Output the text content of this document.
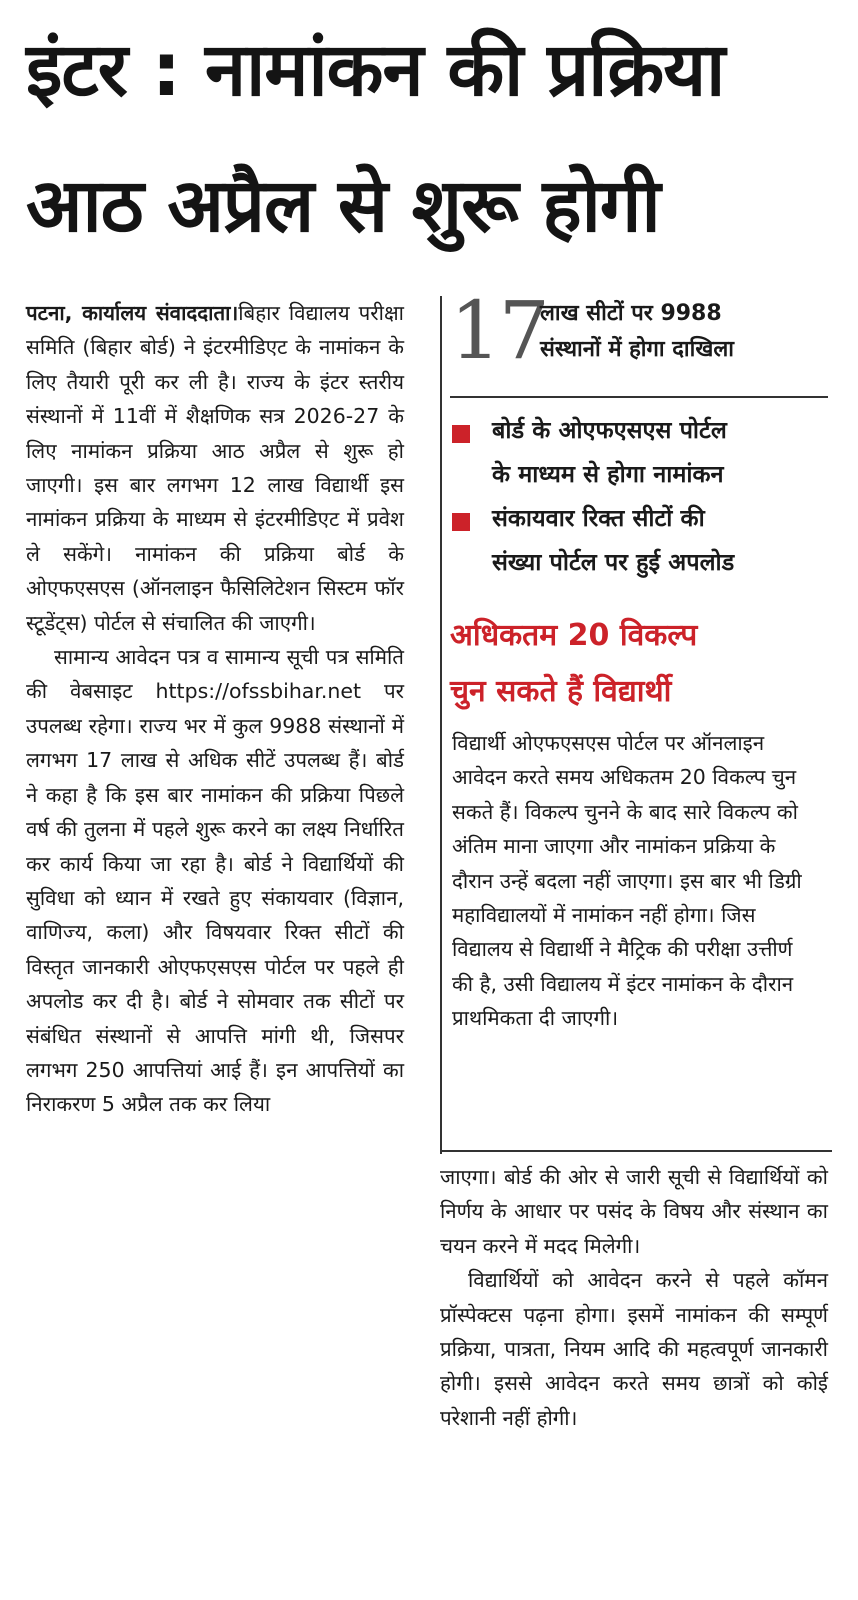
इंटर : नामांकन की प्रक्रिया
आठ अप्रैल से शुरू होगी

पटना, कार्यालय संवाददाता।बिहार विद्यालय परीक्षा समिति (बिहार बोर्ड) ने इंटरमीडिएट के नामांकन के लिए तैयारी पूरी कर ली है। राज्य के इंटर स्तरीय संस्थानों में 11वीं में शैक्षणिक सत्र 2026-27 के लिए नामांकन प्रक्रिया आठ अप्रैल से शुरू हो जाएगी। इस बार लगभग 12 लाख विद्यार्थी इस नामांकन प्रक्रिया के माध्यम से इंटरमीडिएट में प्रवेश ले सकेंगे। नामांकन की प्रक्रिया बोर्ड के ओएफएसएस (ऑनलाइन फैसिलिटेशन सिस्टम फॉर स्टूडेंट्स) पोर्टल से संचालित की जाएगी।

सामान्य आवेदन पत्र व सामान्य सूची पत्र समिति की वेबसाइट https://ofssbihar.net पर उपलब्ध रहेगा। राज्य भर में कुल 9988 संस्थानों में लगभग 17 लाख से अधिक सीटें उपलब्ध हैं। बोर्ड ने कहा है कि इस बार नामांकन की प्रक्रिया पिछले वर्ष की तुलना में पहले शुरू करने का लक्ष्य निर्धारित कर कार्य किया जा रहा है। बोर्ड ने विद्यार्थियों की सुविधा को ध्यान में रखते हुए संकायवार (विज्ञान, वाणिज्य, कला) और विषयवार रिक्त सीटों की विस्तृत जानकारी ओएफएसएस पोर्टल पर पहले ही अपलोड कर दी है। बोर्ड ने सोमवार तक सीटों पर संबंधित संस्थानों से आपत्ति मांगी थी, जिसपर लगभग 250 आपत्तियां आई हैं। इन आपत्तियों का निराकरण 5 अप्रैल तक कर लिया

17
लाख सीटों पर 9988
संस्थानों में होगा दाखिला
बोर्ड के ओएफएसएस पोर्टल
के माध्यम से होगा नामांकन
संकायवार रिक्त सीटों की
संख्या पोर्टल पर हुई अपलोड
अधिकतम 20 विकल्प
चुन सकते हैं विद्यार्थी
विद्यार्थी ओएफएसएस पोर्टल पर ऑनलाइन आवेदन करते समय अधिकतम 20 विकल्प चुन सकते हैं। विकल्प चुनने के बाद सारे विकल्प को अंतिम माना जाएगा और नामांकन प्रक्रिया के दौरान उन्हें बदला नहीं जाएगा। इस बार भी डिग्री महाविद्यालयों में नामांकन नहीं होगा। जिस विद्यालय से विद्यार्थी ने मैट्रिक की परीक्षा उत्तीर्ण की है, उसी विद्यालय में इंटर नामांकन के दौरान प्राथमिकता दी जाएगी।

जाएगा। बोर्ड की ओर से जारी सूची से विद्यार्थियों को निर्णय के आधार पर पसंद के विषय और संस्थान का चयन करने में मदद मिलेगी।

विद्यार्थियों को आवेदन करने से पहले कॉमन प्रॉस्पेक्टस पढ़ना होगा। इसमें नामांकन की सम्पूर्ण प्रक्रिया, पात्रता, नियम आदि की महत्वपूर्ण जानकारी होगी। इससे आवेदन करते समय छात्रों को कोई परेशानी नहीं होगी।
